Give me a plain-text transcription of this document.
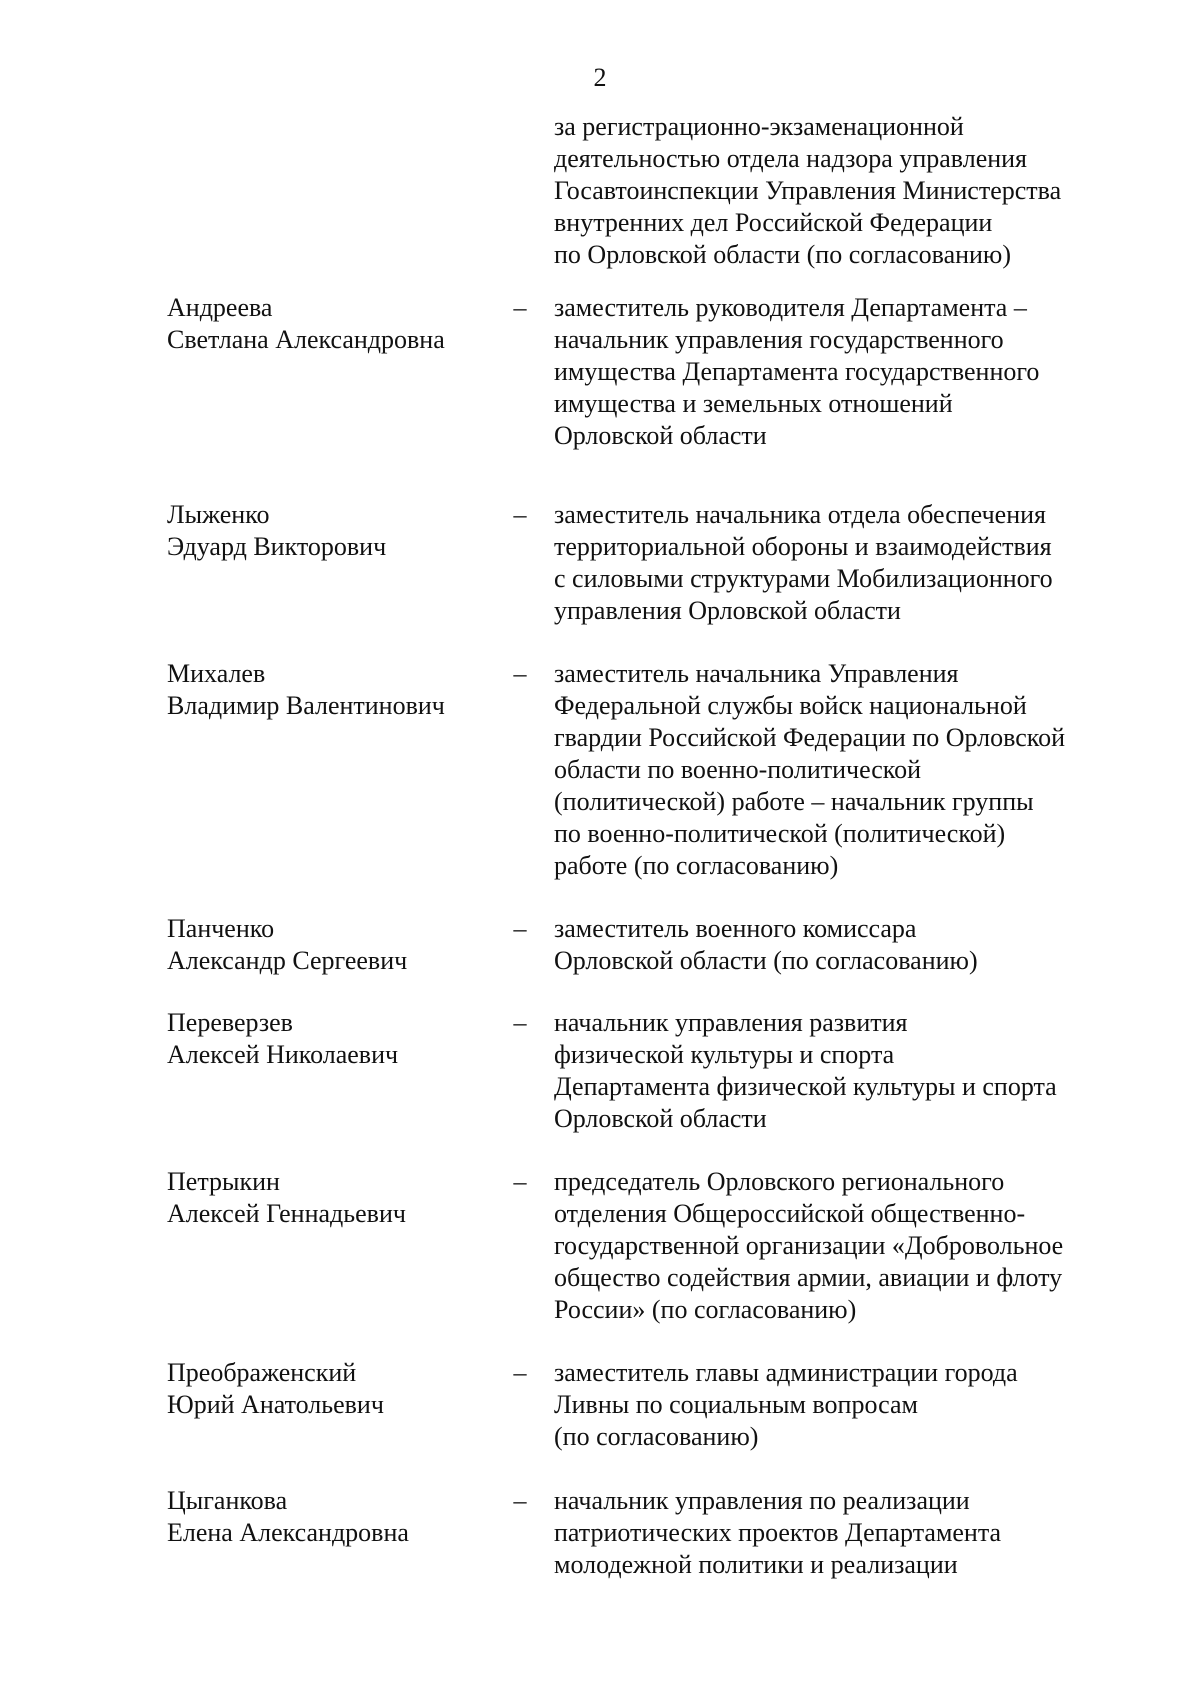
2
за регистрационно-экзаменационной
деятельностью отдела надзора управления
Госавтоинспекции Управления Министерства
внутренних дел Российской Федерации
по Орловской области (по согласованию)
Андреева
Светлана Александровна
– заместитель руководителя Департамента –
начальник управления государственного
имущества Департамента государственного
имущества и земельных отношений
Орловской области
Лыженко
Эдуард Викторович
– заместитель начальника отдела обеспечения
территориальной обороны и взаимодействия
с силовыми структурами Мобилизационного
управления Орловской области
Михалев
Владимир Валентинович
– заместитель начальника Управления
Федеральной службы войск национальной
гвардии Российской Федерации по Орловской
области по военно-политической
(политической) работе – начальник группы
по военно-политической (политической)
работе (по согласованию)
Панченко
Александр Сергеевич
– заместитель военного комиссара
Орловской области (по согласованию)
Переверзев
Алексей Николаевич
– начальник управления развития
физической культуры и спорта
Департамента физической культуры и спорта
Орловской области
Петрыкин
Алексей Геннадьевич
– председатель Орловского регионального
отделения Общероссийской общественно-
государственной организации «Добровольное
общество содействия армии, авиации и флоту
России» (по согласованию)
Преображенский
Юрий Анатольевич
– заместитель главы администрации города
Ливны по социальным вопросам
(по согласованию)
Цыганкова
Елена Александровна
– начальник управления по реализации
патриотических проектов Департамента
молодежной политики и реализации
